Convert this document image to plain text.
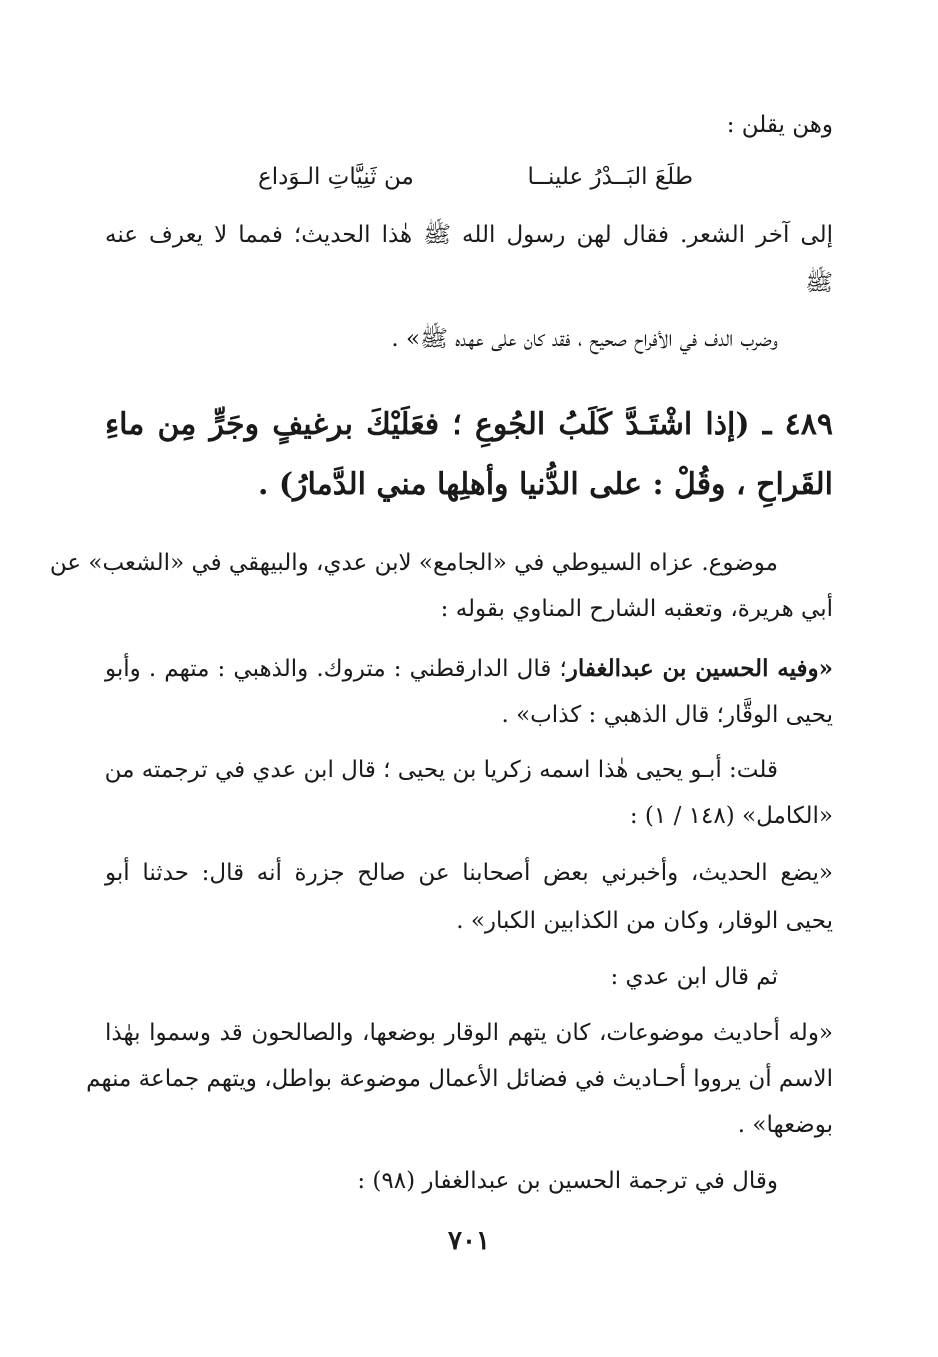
وهن يقلن :
طلَعَ البَــدْرُ علينــا
من ثَنِيَّاتِ الـوَداع
إلى آخر الشعر. فقال لهن رسول الله ﷺ هٰذا الحديث؛ فمما لا يعرف عنه
ﷺ
وضرب الدف في الأفراح صحيح ، فقد كان على عهده ﷺ» .
٤٨٩ ـ (إذا اشْتَـدَّ كَلَبُ الجُوعِ ؛ فعَلَيْكَ برغيفٍ وجَرٍّ مِن ماءِ
القَراحِ ، وقُلْ : على الدُّنيا وأهلِها مني الدَّمارُ) .
موضوع. عزاه السيوطي في «الجامع» لابن عدي، والبيهقي في «الشعب» عن
أبي هريرة، وتعقبه الشارح المناوي بقوله :
«وفيه الحسين بن عبدالغفار؛ قال الدارقطني : متروك. والذهبي : متهم . وأبو
يحيى الوقَّار؛ قال الذهبي : كذاب» .
قلت: أبـو يحيى هٰذا اسمه زكريا بن يحيى ؛ قال ابن عدي في ترجمته من
«الكامل» (١٤٨ / ١) :
«يضع الحديث، وأخبرني بعض أصحابنا عن صالح جزرة أنه قال: حدثنا أبو
يحيى الوقار، وكان من الكذابين الكبار» .
ثم قال ابن عدي :
«وله أحاديث موضوعات، كان يتهم الوقار بوضعها، والصالحون قد وسموا بهٰذا
الاسم أن يرووا أحـاديث في فضائل الأعمال موضوعة بواطل، ويتهم جماعة منهم
بوضعها» .
وقال في ترجمة الحسين بن عبدالغفار (٩٨) :
٧٠١
